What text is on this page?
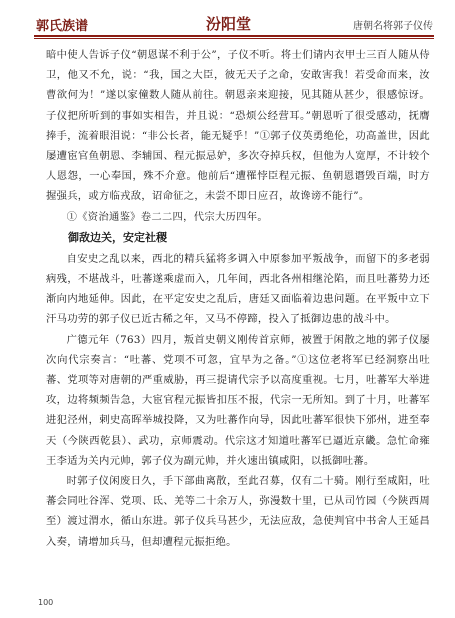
郭氏族谱	汾阳堂	唐朝名将郭子仪传

暗中使人告诉子仪“朝恩谋不利于公”，子仪不听。将士们请内衣甲士三百人随从侍卫，他又不允，说：“我，国之大臣，彼无天子之命，安敢害我！若受命而来，汝曹欲何为！”遂以家僮数人随从前往。朝恩亲来迎接，见其随从甚少，很感惊讶。子仪把所听到的事如实相告，并且说：“恐烦公经营耳。”朝恩听了很受感动，抚膺捧手，流着眼泪说：“非公长者，能无疑乎！”①郭子仪英勇绝伦，功高盖世，因此屡遭宦官鱼朝恩、李辅国、程元振忌妒，多次夺掉兵权，但他为人宽厚，不计较个人恩怨，一心奉国，殊不介意。他前后“遭罹悖臣程元振、鱼朝恩谮毁百端，时方握强兵，或方临戎敌，诏命征之，未尝不即日应召，故谗谤不能行”。

①《资治通鉴》卷二二四，代宗大历四年。

御敌边关，安定社稷

自安史之乱以来，西北的精兵猛将多调入中原参加平叛战争，而留下的多老弱病残，不堪战斗，吐蕃遂乘虚而入，几年间，西北各州相继沦陷，而且吐蕃势力还渐向内地延伸。因此，在平定安史之乱后，唐廷又面临着边患问题。在平叛中立下汗马功劳的郭子仪已近古稀之年，又马不停蹄，投入了抵御边患的战斗中。

广德元年（763）四月，叛首史朝义刚传首京师，被置于闲散之地的郭子仪屡次向代宗奏言：“吐蕃、党项不可忽，宜早为之备。”①这位老将军已经洞察出吐蕃、党项等对唐朝的严重威胁，再三提请代宗予以高度重视。七月，吐蕃军大举进攻，边将频频告急，大宦官程元振皆扣压不报，代宗一无所知。到了十月，吐蕃军进犯泾州，剌史高晖举城投降，又为吐蕃作向导，因此吐蕃军很快下邠州，进至奉天（今陕西乾县）、武功，京师震动。代宗这才知道吐蕃军已逼近京畿。急忙命雍王李适为关内元帅，郭子仪为副元帅，并火速出镇咸阳，以抵御吐蕃。

时郭子仪闲废日久，手下部曲离散，至此召募，仅有二十骑。刚行至咸阳，吐蕃会同吐谷浑、党项、氐、羌等二十余万人，弥漫数十里，已从司竹园（今陕西周至）渡过渭水，循山东进。郭子仪兵马甚少，无法应敌，急使判官中书舍人王延昌入奏，请增加兵马，但却遭程元振拒绝。

100
